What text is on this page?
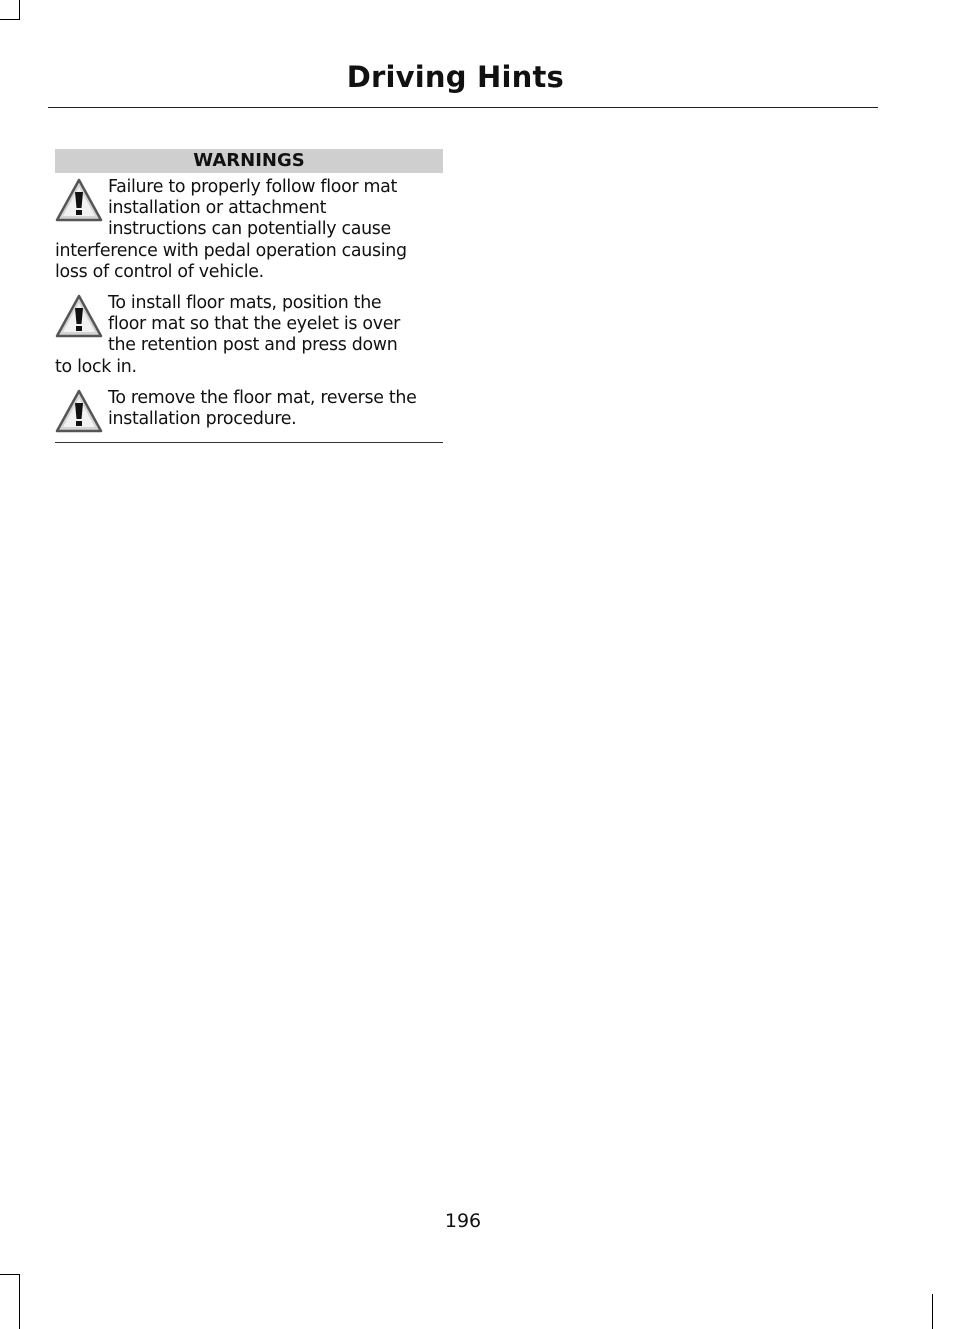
Driving Hints
WARNINGS
Failure to properly follow floor mat
installation or attachment
instructions can potentially cause
interference with pedal operation causing
loss of control of vehicle.
To install floor mats, position the
floor mat so that the eyelet is over
the retention post and press down
to lock in.
To remove the floor mat, reverse the
installation procedure.
196
